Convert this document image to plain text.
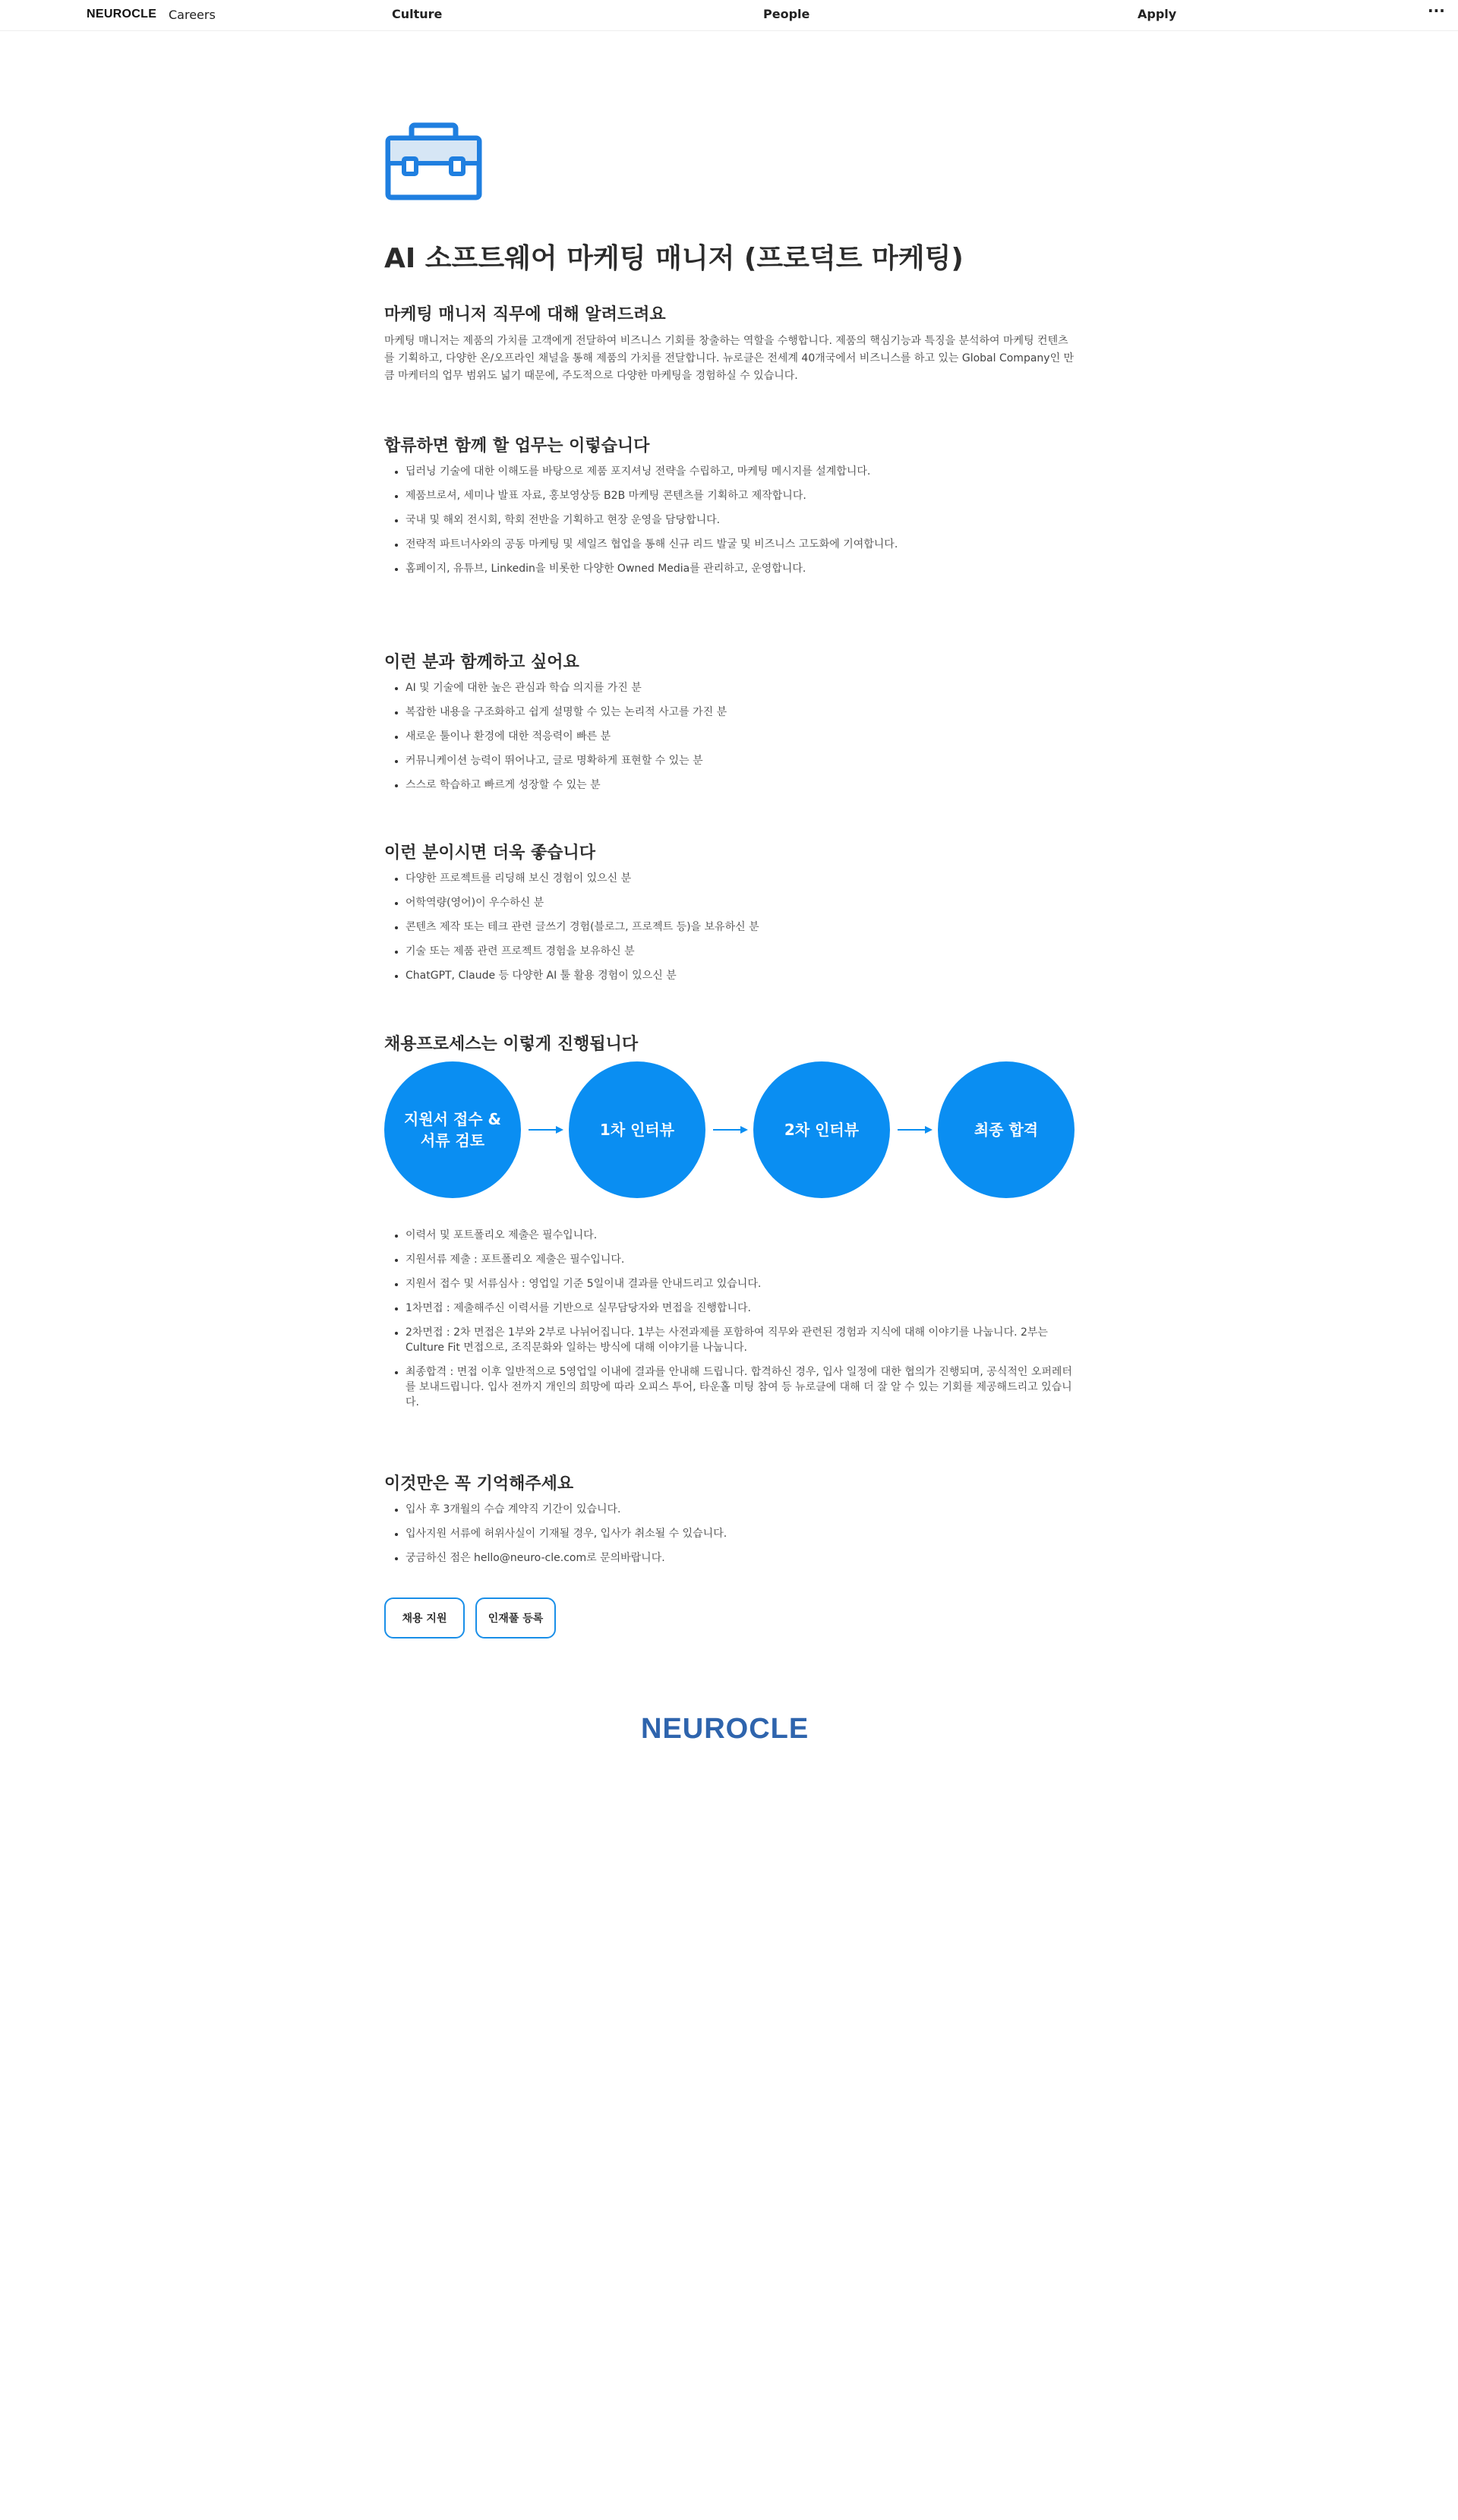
NEUROCLE Careers	Culture	People	Apply	···
AI 소프트웨어 마케팅 매니저 (프로덕트 마케팅)
마케팅 매니저 직무에 대해 알려드려요

마케팅 매니저는 제품의 가치를 고객에게 전달하여 비즈니스 기회를 창출하는 역할을 수행합니다. 제품의 핵심기능과 특징을 분석하여 마케팅 컨텐츠를 기획하고, 다양한 온/오프라인 채널을 통해 제품의 가치를 전달합니다. 뉴로클은 전세계 40개국에서 비즈니스를 하고 있는 Global Company인 만큼 마케터의 업무 범위도 넓기 때문에, 주도적으로 다양한 마케팅을 경험하실 수 있습니다.

합류하면 함께 할 업무는 이렇습니다
• 딥러닝 기술에 대한 이해도를 바탕으로 제품 포지셔닝 전략을 수립하고, 마케팅 메시지를 설계합니다.
• 제품브로셔, 세미나 발표 자료, 홍보영상등 B2B 마케팅 콘텐츠를 기획하고 제작합니다.
• 국내 및 해외 전시회, 학회 전반을 기획하고 현장 운영을 담당합니다.
• 전략적 파트너사와의 공동 마케팅 및 세일즈 협업을 통해 신규 리드 발굴 및 비즈니스 고도화에 기여합니다.
• 홈페이지, 유튜브, Linkedin을 비롯한 다양한 Owned Media를 관리하고, 운영합니다.
이런 분과 함께하고 싶어요
• AI 및 기술에 대한 높은 관심과 학습 의지를 가진 분
• 복잡한 내용을 구조화하고 쉽게 설명할 수 있는 논리적 사고를 가진 분
• 새로운 툴이나 환경에 대한 적응력이 빠른 분
• 커뮤니케이션 능력이 뛰어나고, 글로 명확하게 표현할 수 있는 분
• 스스로 학습하고 빠르게 성장할 수 있는 분
이런 분이시면 더욱 좋습니다
• 다양한 프로젝트를 리딩해 보신 경험이 있으신 분
• 어학역량(영어)이 우수하신 분
• 콘텐츠 제작 또는 테크 관련 글쓰기 경험(블로그, 프로젝트 등)을 보유하신 분
• 기술 또는 제품 관련 프로젝트 경험을 보유하신 분
• ChatGPT, Claude 등 다양한 AI 툴 활용 경험이 있으신 분
채용프로세스는 이렇게 진행됩니다
지원서 접수 &
서류 검토
1차 인터뷰	2차 인터뷰	최종 합격
• 이력서 및 포트폴리오 제출은 필수입니다.
• 지원서류 제출 : 포트폴리오 제출은 필수입니다.
• 지원서 접수 및 서류심사 : 영업일 기준 5일이내 결과를 안내드리고 있습니다.
• 1차면접 : 제출해주신 이력서를 기반으로 실무담당자와 면접을 진행합니다.
• 2차면접 : 2차 면접은 1부와 2부로 나뉘어집니다. 1부는 사전과제를 포함하여 직무와 관련된 경험과 지식에 대해 이야기를 나눕니다. 2부는 Culture Fit 면접으로, 조직문화와 일하는 방식에 대해 이야기를 나눕니다.
• 최종합격 : 면접 이후 일반적으로 5영업일 이내에 결과를 안내해 드립니다. 합격하신 경우, 입사 일정에 대한 협의가 진행되며, 공식적인 오퍼레터를 보내드립니다. 입사 전까지 개인의 희망에 따라 오피스 투어, 타운홀 미팅 참여 등 뉴로클에 대해 더 잘 알 수 있는 기회를 제공해드리고 있습니다.
이것만은 꼭 기억해주세요
• 입사 후 3개월의 수습 계약직 기간이 있습니다.
• 입사지원 서류에 허위사실이 기재될 경우, 입사가 취소될 수 있습니다.
• 궁금하신 점은 hello@neuro-cle.com로 문의바랍니다.
채용 지원	인재풀 등록
NEUROCLE
